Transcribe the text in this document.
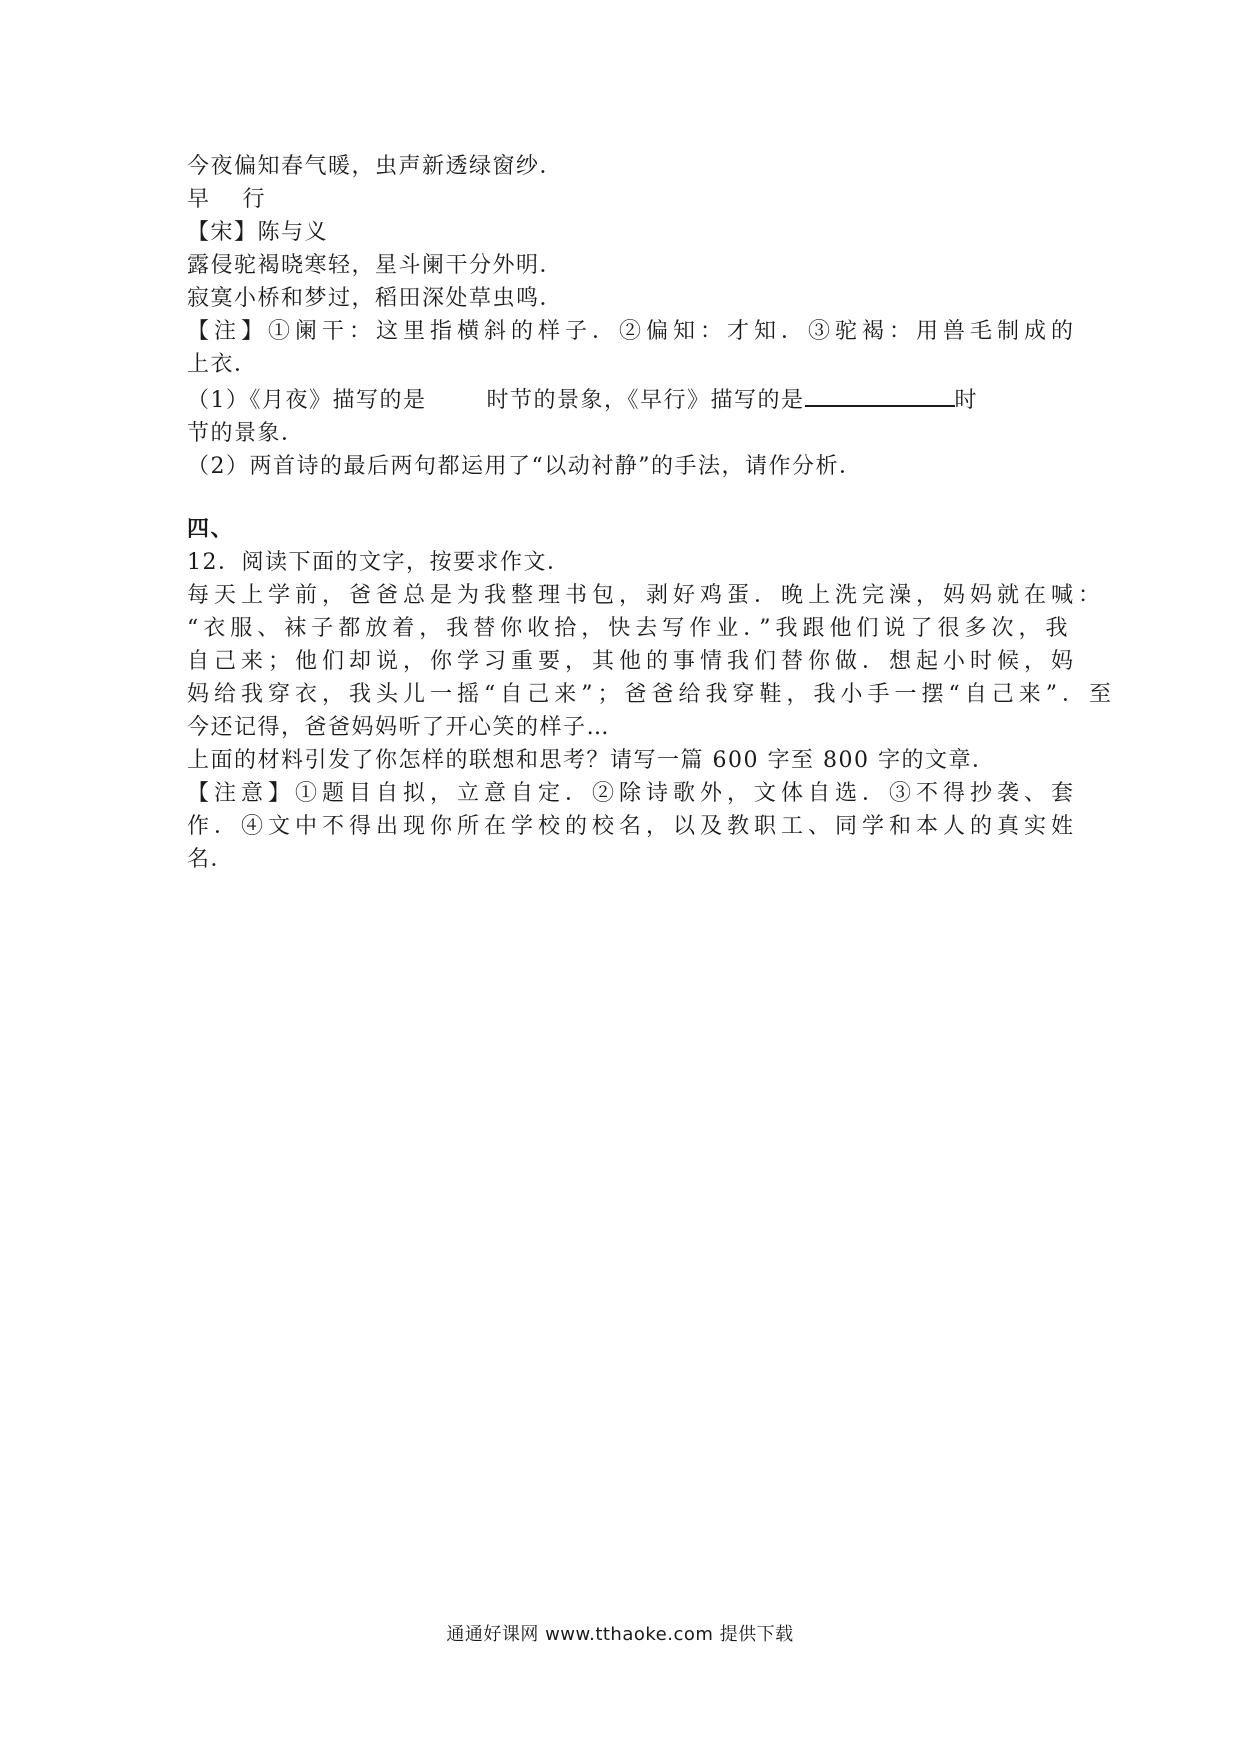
今夜偏知春气暖，虫声新透绿窗纱．
早　 行
【宋】陈与义
露侵驼褐晓寒轻，星斗阑干分外明．
寂寞小桥和梦过，稻田深处草虫鸣．
【注】①阑干：这里指横斜的样子．②偏知：才知．③驼褐：用兽毛制成的
上衣．
（1）《月夜》描写的是	时节的景象，《早行》描写的是	时
节的景象．
（2）两首诗的最后两句都运用了“以动衬静”的手法，请作分析．
四、
12．阅读下面的文字，按要求作文．
每天上学前，爸爸总是为我整理书包，剥好鸡蛋．晚上洗完澡，妈妈就在喊：
“衣服、袜子都放着，我替你收拾，快去写作业．”我跟他们说了很多次，我
自己来；他们却说，你学习重要，其他的事情我们替你做．想起小时候，妈
妈给我穿衣，我头儿一摇“自己来”；爸爸给我穿鞋，我小手一摆“自己来”．至
今还记得，爸爸妈妈听了开心笑的样子…
上面的材料引发了你怎样的联想和思考？请写一篇 600 字至 800 字的文章．
【注意】①题目自拟，立意自定．②除诗歌外，文体自选．③不得抄袭、套
作．④文中不得出现你所在学校的校名，以及教职工、同学和本人的真实姓
名．
通通好课网 www.tthaoke.com 提供下载
